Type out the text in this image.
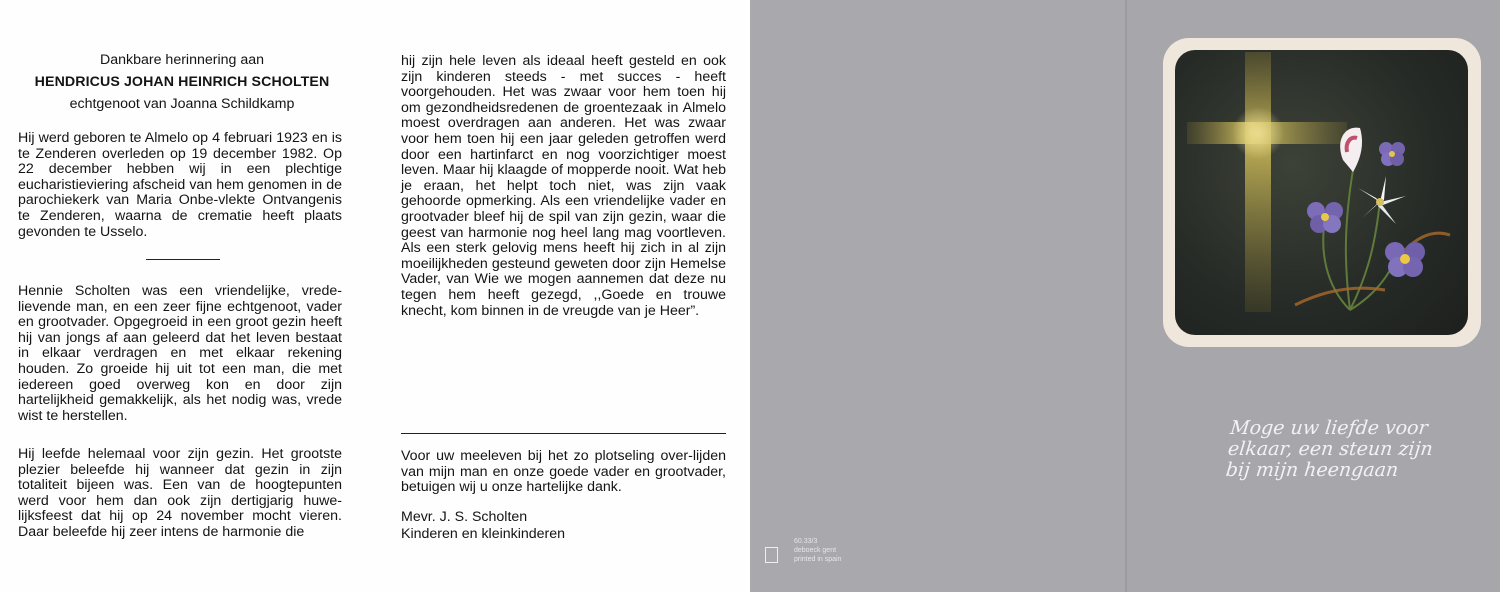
Dankbare herinnering aan
HENDRICUS JOHAN HEINRICH SCHOLTEN
echtgenoot van Joanna Schildkamp
Hij werd geboren te Almelo op 4 februari 1923 en is te Zenderen overleden op 19 december 1982. Op 22 december hebben wij in een plechtige eucharistieviering afscheid van hem genomen in de parochiekerk van Maria Onbe-vlekte Ontvangenis te Zenderen, waarna de crematie heeft plaats gevonden te Usselo.
Hennie Scholten was een vriendelijke, vrede-lievende man, en een zeer fijne echtgenoot, vader en grootvader. Opgegroeid in een groot gezin heeft hij van jongs af aan geleerd dat het leven bestaat in elkaar verdragen en met elkaar rekening houden. Zo groeide hij uit tot een man, die met iedereen goed overweg kon en door zijn hartelijkheid gemakkelijk, als het nodig was, vrede wist te herstellen.
Hij leefde helemaal voor zijn gezin. Het grootste plezier beleefde hij wanneer dat gezin in zijn totaliteit bijeen was. Een van de hoogtepunten werd voor hem dan ook zijn dertigjarig huwe-lijksfeest dat hij op 24 november mocht vieren. Daar beleefde hij zeer intens de harmonie die
hij zijn hele leven als ideaal heeft gesteld en ook zijn kinderen steeds - met succes - heeft voorgehouden. Het was zwaar voor hem toen hij om gezondheidsredenen de groentezaak in Almelo moest overdragen aan anderen. Het was zwaar voor hem toen hij een jaar geleden getroffen werd door een hartinfarct en nog voorzichtiger moest leven. Maar hij klaagde of mopperde nooit. Wat heb je eraan, het helpt toch niet, was zijn vaak gehoorde opmerking. Als een vriendelijke vader en grootvader bleef hij de spil van zijn gezin, waar die geest van harmonie nog heel lang mag voortleven. Als een sterk gelovig mens heeft hij zich in al zijn moeilijkheden gesteund geweten door zijn Hemelse Vader, van Wie we mogen aannemen dat deze nu tegen hem heeft gezegd, ,,Goede en trouwe knecht, kom binnen in de vreugde van je Heer”.
Voor uw meeleven bij het zo plotseling over-lijden van mijn man en onze goede vader en grootvader, betuigen wij u onze hartelijke dank.
Mevr. J. S. Scholten
Kinderen en kleinkinderen
Moge uw liefde voor
elkaar, een steun zijn
bij mijn heengaan
60.33/3
deboeck gent
printed in spain
